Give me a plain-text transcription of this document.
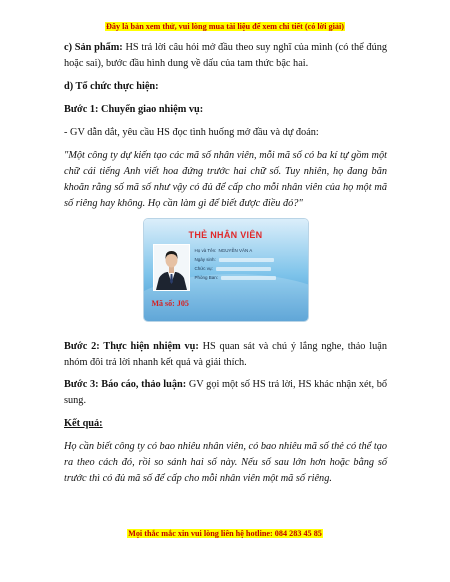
Đây là bản xem thử, vui lòng mua tài liệu để xem chi tiết (có lời giải)

c) Sản phẩm: HS trả lời câu hỏi mở đầu theo suy nghĩ của mình (có thể đúng hoặc sai), bước đầu hình dung về dấu của tam thức bậc hai.

d) Tổ chức thực hiện:

Bước 1: Chuyển giao nhiệm vụ:

- GV dẫn dắt, yêu cầu HS đọc tình huống mở đầu và dự đoán:

"Một công ty dự kiến tạo các mã số nhân viên, mỗi mã số có ba kí tự gồm một chữ cái tiếng Anh viết hoa đứng trước hai chữ số. Tuy nhiên, họ đang băn khoăn rằng số mã số như vậy có đủ để cấp cho mỗi nhân viên của họ một mã số riêng hay không. Họ cần làm gì để biết được điều đó?"

THẺ NHÂN VIÊN
Họ và Tên: NGUYỄN VĂN A
Ngày sinh:
Chức vụ:
Phòng Ban:
Mã số: J05

Bước 2: Thực hiện nhiệm vụ: HS quan sát và chú ý lắng nghe, thảo luận nhóm đôi trả lời nhanh kết quả và giải thích.

Bước 3: Báo cáo, thảo luận: GV gọi một số HS trả lời, HS khác nhận xét, bổ sung.

Kết quả:

Họ cần biết công ty có bao nhiêu nhân viên, có bao nhiêu mã số thẻ có thể tạo ra theo cách đó, rồi so sánh hai số này. Nếu số sau lớn hơn hoặc bằng số trước thì có đủ mã số để cấp cho mỗi nhân viên một mã số riêng.

Mọi thắc mắc xin vui lòng liên hệ hotline: 084 283 45 85
